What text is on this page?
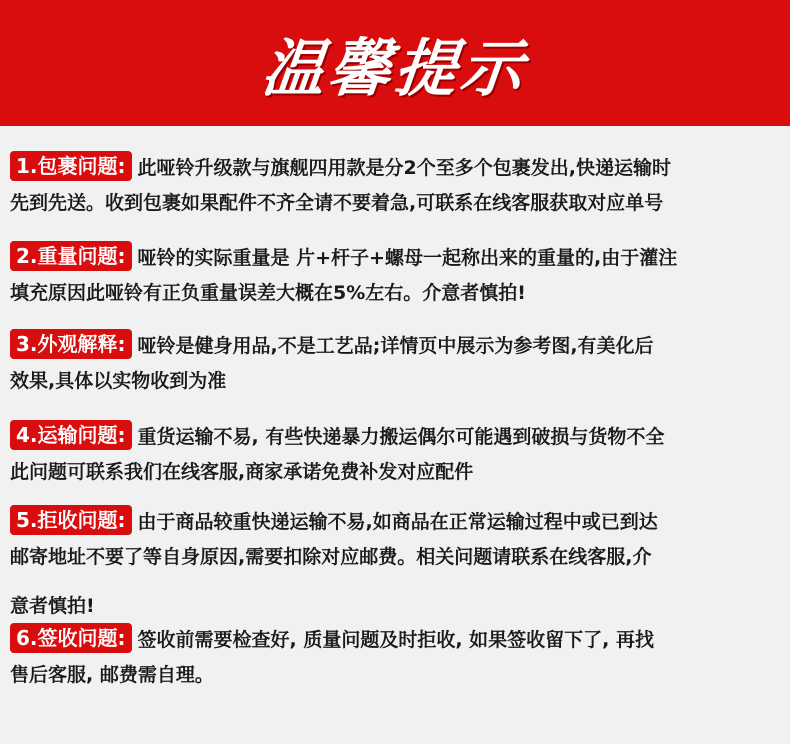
温馨提示
1.包裹问题: 此哑铃升级款与旗舰四用款是分2个至多个包裹发出,快递运输时
先到先送。收到包裹如果配件不齐全请不要着急,可联系在线客服获取对应单号
2.重量问题: 哑铃的实际重量是 片+杆子+螺母一起称出来的重量的,由于灌注
填充原因此哑铃有正负重量误差大概在5%左右。介意者慎拍!
3.外观解释: 哑铃是健身用品,不是工艺品;详情页中展示为参考图,有美化后
效果,具体以实物收到为准
4.运输问题: 重货运输不易, 有些快递暴力搬运偶尔可能遇到破损与货物不全
此问题可联系我们在线客服,商家承诺免费补发对应配件
5.拒收问题: 由于商品较重快递运输不易,如商品在正常运输过程中或已到达
邮寄地址不要了等自身原因,需要扣除对应邮费。相关问题请联系在线客服,介
意者慎拍!
6.签收问题: 签收前需要检查好, 质量问题及时拒收, 如果签收留下了, 再找
售后客服, 邮费需自理。
